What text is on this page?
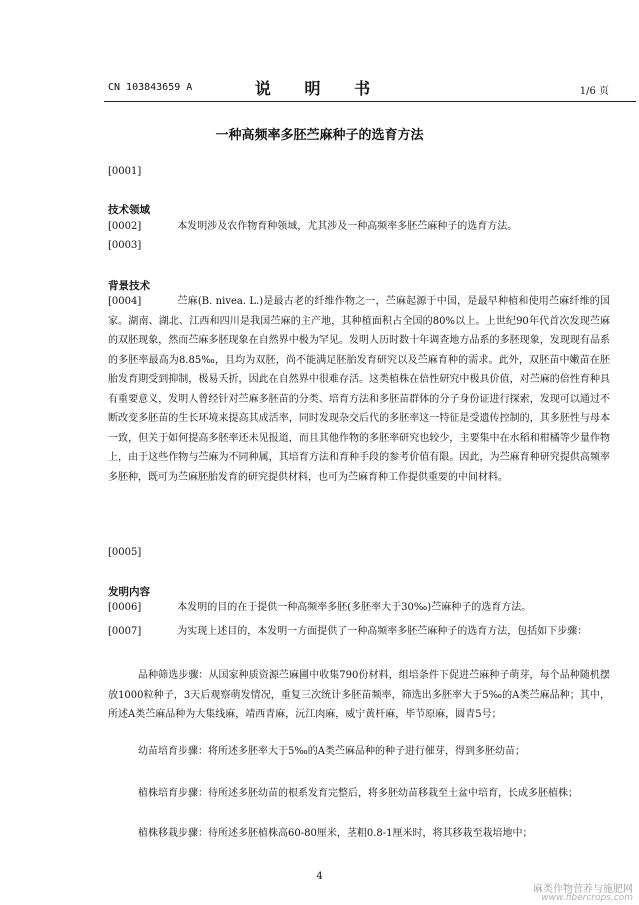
CN 103843659 A	说 明 书	1/6 页
一种高频率多胚苎麻种子的选育方法
[0001]
技术领域
[0002]	本发明涉及农作物育种领域，尤其涉及一种高频率多胚苎麻种子的选育方法。
[0003]
背景技术
[0004]	苎麻(B. nivea. L.)是最古老的纤维作物之一，苎麻起源于中国，是最早种植和使用苎麻纤维的国家。湖南、湖北、江西和四川是我国苎麻的主产地，其种植面积占全国的80%以上。上世纪90年代首次发现苎麻的双胚现象，然而苎麻多胚现象在自然界中极为罕见。发明人历时数十年调查地方品系的多胚现象，发现现有品系的多胚率最高为8.85‰，且均为双胚，尚不能满足胚胎发育研究以及苎麻育种的需求。此外，双胚苗中嫩苗在胚胎发育期受到抑制，极易夭折，因此在自然界中很难存活。这类植株在倍性研究中极具价值，对苎麻的倍性育种具有重要意义，发明人曾经针对苎麻多胚苗的分类、培育方法和多胚苗群体的分子身份证进行探索，发现可以通过不断改变多胚苗的生长环境来提高其成活率，同时发现杂交后代的多胚率这一特征是受遗传控制的，其多胚性与母本一致，但关于如何提高多胚率还未见报道，而且其他作物的多胚率研究也较少，主要集中在水稻和柑橘等少量作物上，由于这些作物与苎麻为不同种属，其培育方法和育种手段的参考价值有限。因此，为苎麻育种研究提供高频率多胚种，既可为苎麻胚胎发育的研究提供材料，也可为苎麻育种工作提供重要的中间材料。
[0005]
发明内容
[0006]	本发明的目的在于提供一种高频率多胚(多胚率大于30‰)苎麻种子的选育方法。
[0007]	为实现上述目的，本发明一方面提供了一种高频率多胚苎麻种子的选育方法，包括如下步骤：
品种筛选步骤：从国家种质资源苎麻圃中收集790份材料，组培条件下促进苎麻种子萌芽，每个品种随机摆放1000粒种子，3天后观察萌发情况，重复三次统计多胚苗频率，筛选出多胚率大于5‰的A类苎麻品种；其中，所述A类苎麻品种为大集线麻，靖西青麻，沅江肉麻，威宁黄杆麻，毕节原麻，圆青5号；
幼苗培育步骤：将所述多胚率大于5‰的A类苎麻品种的种子进行催芽，得到多胚幼苗；
植株培育步骤：待所述多胚幼苗的根系发育完整后，将多胚幼苗移栽至土盆中培育，长成多胚植株；
植株移栽步骤：待所述多胚植株高60-80厘米，茎粗0.8-1厘米时，将其移栽至栽培地中；
4
麻类作物营养与施肥网
www.fibercrops.com
